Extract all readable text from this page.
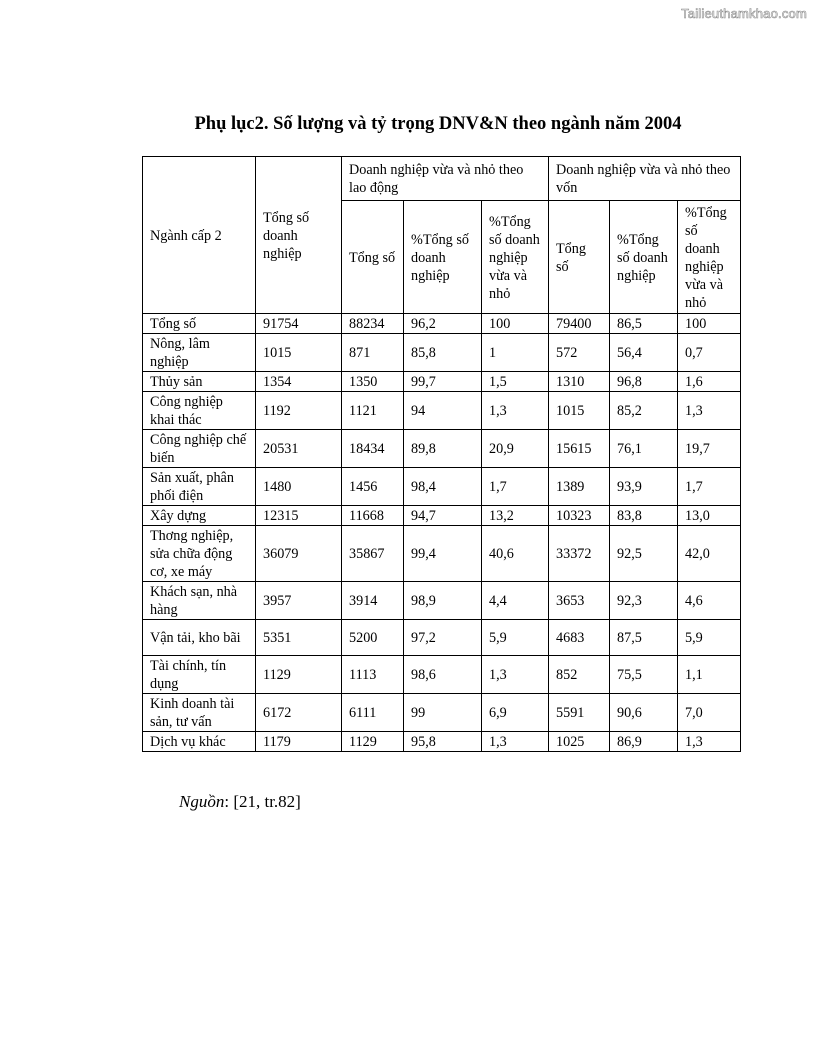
Tailieuthamkhao.com
Phụ lục2. Số lượng và tỷ trọng DNV&N theo ngành năm 2004
Ngành cấp 2	Tổng số doanh nghiệp	Doanh nghiệp vừa và nhỏ theo lao động			Doanh nghiệp vừa và nhỏ theo vốn		
		Tổng số	%Tổng số doanh nghiệp	%Tổng số doanh nghiệp vừa và nhỏ	Tổng số	%Tổng số doanh nghiệp	%Tổng số doanh nghiệp vừa và nhỏ
Tổng số	91754	88234	96,2	100	79400	86,5	100
Nông, lâm nghiệp	1015	871	85,8	1	572	56,4	0,7
Thủy sản	1354	1350	99,7	1,5	1310	96,8	1,6
Công nghiệp khai thác	1192	1121	94	1,3	1015	85,2	1,3
Công nghiệp chế biến	20531	18434	89,8	20,9	15615	76,1	19,7
Sản xuất, phân phối điện	1480	1456	98,4	1,7	1389	93,9	1,7
Xây dựng	12315	11668	94,7	13,2	10323	83,8	13,0
Thơng nghiệp, sửa chữa động cơ, xe máy	36079	35867	99,4	40,6	33372	92,5	42,0
Khách sạn, nhà hàng	3957	3914	98,9	4,4	3653	92,3	4,6
Vận tải, kho bãi	5351	5200	97,2	5,9	4683	87,5	5,9
Tài chính, tín dụng	1129	1113	98,6	1,3	852	75,5	1,1
Kinh doanh tài sản, tư vấn	6172	6111	99	6,9	5591	90,6	7,0
Dịch vụ khác	1179	1129	95,8	1,3	1025	86,9	1,3
Nguồn: [21, tr.82]
